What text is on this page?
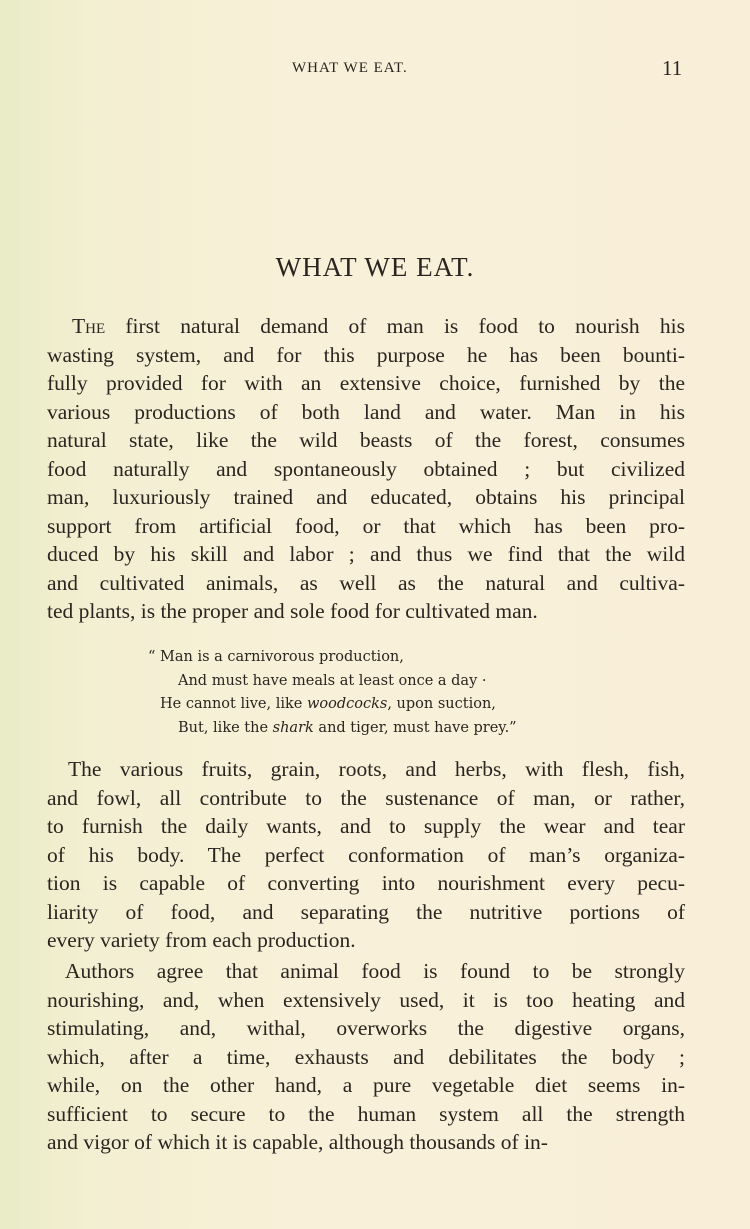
WHAT WE EAT.	11
WHAT WE EAT.
The first natural demand of man is food to nourish his
wasting system, and for this purpose he has been bounti-
fully provided for with an extensive choice, furnished by the
various productions of both land and water. Man in his
natural state, like the wild beasts of the forest, consumes
food naturally and spontaneously obtained ; but civilized
man, luxuriously trained and educated, obtains his principal
support from artificial food, or that which has been pro-
duced by his skill and labor ; and thus we find that the wild
and cultivated animals, as well as the natural and cultiva-
ted plants, is the proper and sole food for cultivated man.
“ Man is a carnivorous production,
And must have meals at least once a day ·
He cannot live, like woodcocks, upon suction,
But, like the shark and tiger, must have prey.”
The various fruits, grain, roots, and herbs, with flesh, fish,
and fowl, all contribute to the sustenance of man, or rather,
to furnish the daily wants, and to supply the wear and tear
of his body. The perfect conformation of man’s organiza-
tion is capable of converting into nourishment every pecu-
liarity of food, and separating the nutritive portions of
every variety from each production.
Authors agree that animal food is found to be strongly
nourishing, and, when extensively used, it is too heating and
stimulating, and, withal, overworks the digestive organs,
which, after a time, exhausts and debilitates the body ;
while, on the other hand, a pure vegetable diet seems in-
sufficient to secure to the human system all the strength
and vigor of which it is capable, although thousands of in-
